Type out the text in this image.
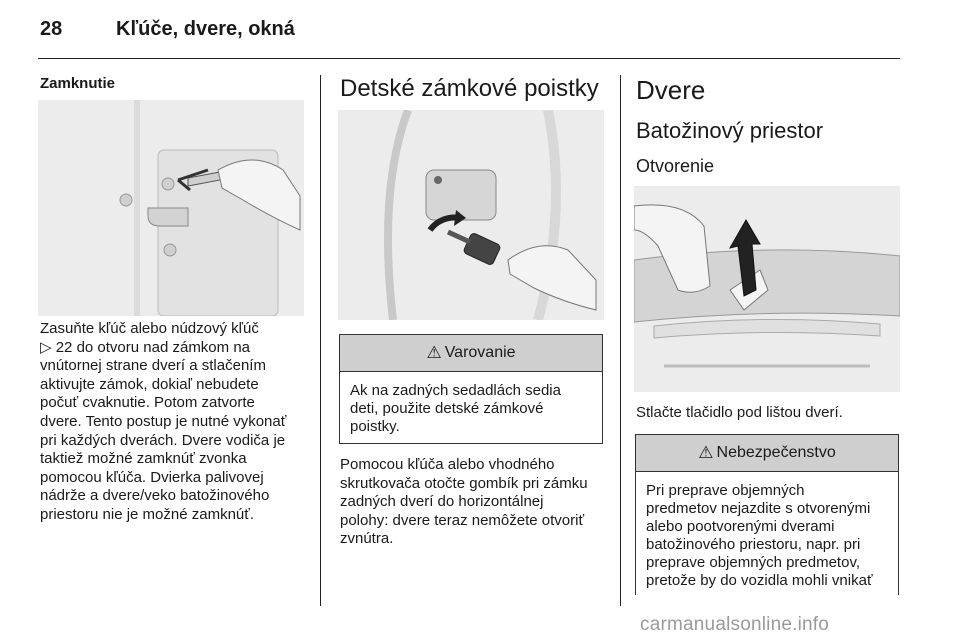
28	Kľúče, dvere, okná

Zamknutie

Zasuňte kľúč alebo núdzový kľúč

▷ 22 do otvoru nad zámkom na

vnútornej strane dverí a stlačením

aktivujte zámok, dokiaľ nebudete

počuť cvaknutie. Potom zatvorte

dvere. Tento postup je nutné vykonať

pri každých dverách. Dvere vodiča je

taktiež možné zamknúť zvonka

pomocou kľúča. Dvierka palivovej

nádrže a dvere/veko batožinového

priestoru nie je možné zamknúť.

Detské zámkové poistky
⚠ Varovanie
Ak na zadných sedadlách sedia
deti, použite detské zámkové
poistky.

Pomocou kľúča alebo vhodného

skrutkovača otočte gombík pri zámku

zadných dverí do horizontálnej

polohy: dvere teraz nemôžete otvoriť

zvnútra.

Dvere
Batožinový priestor
Otvorenie

Stlačte tlačidlo pod lištou dverí.

⚠ Nebezpečenstvo
Pri preprave objemných
predmetov nejazdite s otvorenými
alebo pootvorenými dverami
batožinového priestoru, napr. pri
preprave objemných predmetov,
pretože by do vozidla mohli vnikať
carmanualsonline.info
